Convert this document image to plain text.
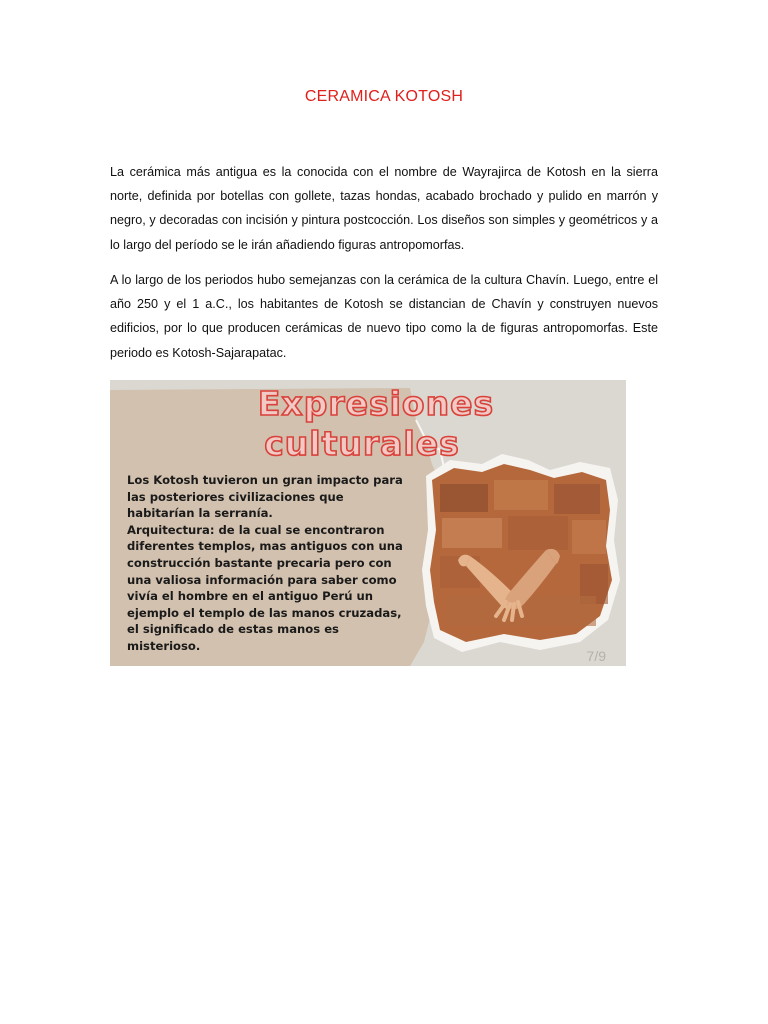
CERAMICA KOTOSH
La cerámica más antigua es la conocida con el nombre de Wayrajirca de Kotosh en la sierra norte, definida por botellas con gollete, tazas hondas, acabado brochado y pulido en marrón y negro, y decoradas con incisión y pintura postcocción. Los diseños son simples y geométricos y a lo largo del período se le irán añadiendo figuras antropomorfas.
A lo largo de los periodos hubo semejanzas con la cerámica de la cultura Chavín. Luego, entre el año 250 y el 1 a.C., los habitantes de Kotosh se distancian de Chavín y construyen nuevos edificios, por lo que producen cerámicas de nuevo tipo como la de figuras antropomorfas. Este periodo es Kotosh-Sajarapatac.
Expresiones
culturales

Los Kotosh tuvieron un gran impacto para las posteriores civilizaciones que habitarían la serranía.

Arquitectura: de la cual se encontraron diferentes templos, mas antiguos con una construcción bastante precaria pero con una valiosa información para saber como vivía el hombre en el antiguo Perú un ejemplo el templo de las manos cruzadas, el significado de estas manos es misterioso.

7/9
